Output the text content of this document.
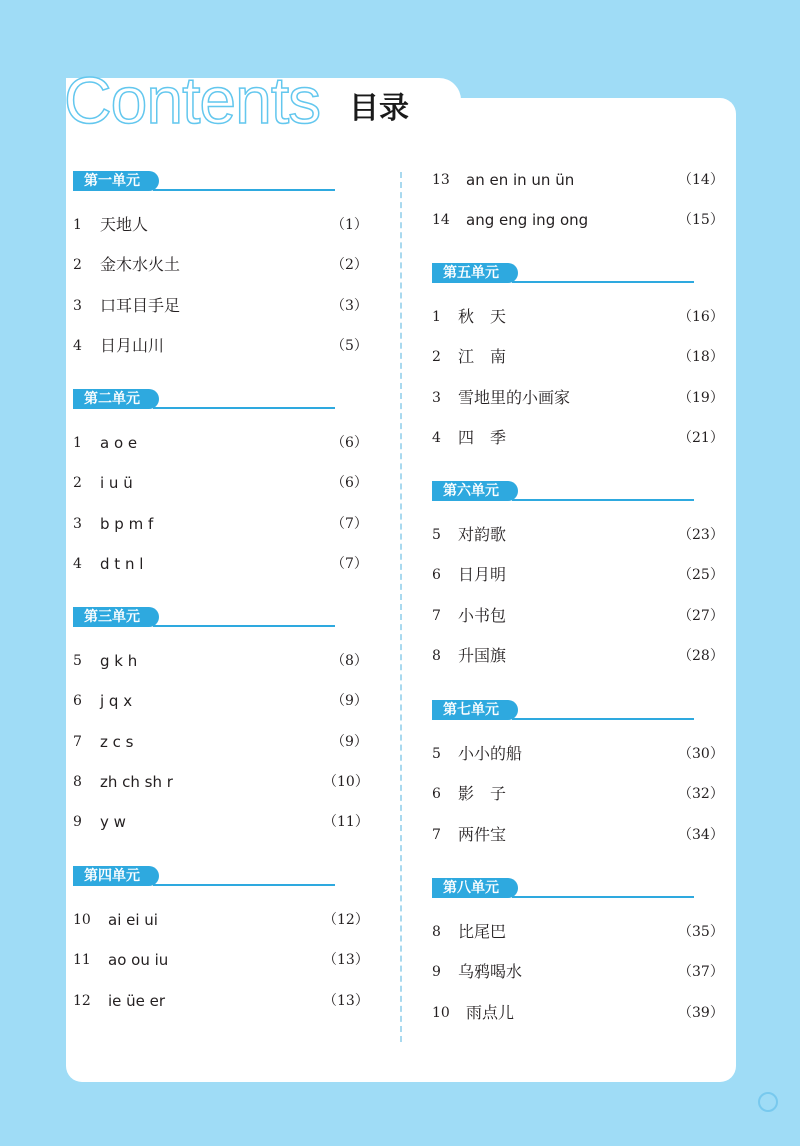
Contents 目录
第一单元
1 天地人	（1）
2 金木水火土	（2）
3 口耳目手足	（3）
4 日月山川	（5）
第二单元
1 a o e	（6）
2 i u ü	（6）
3 b p m f	（7）
4 d t n l	（7）
第三单元
5 g k h	（8）
6 j q x	（9）
7 z c s	（9）
8 zh ch sh r	（10）
9 y w	（11）
第四单元
10 ai ei ui	（12）
11 ao ou iu	（13）
12 ie üe er	（13）
13 an en in un ün	（14）
14 ang eng ing ong	（15）
第五单元
1 秋　天	（16）
2 江　南	（18）
3 雪地里的小画家	（19）
4 四　季	（21）
第六单元
5 对韵歌	（23）
6 日月明	（25）
7 小书包	（27）
8 升国旗	（28）
第七单元
5 小小的船	（30）
6 影　子	（32）
7 两件宝	（34）
第八单元
8 比尾巴	（35）
9 乌鸦喝水	（37）
10 雨点儿	（39）
